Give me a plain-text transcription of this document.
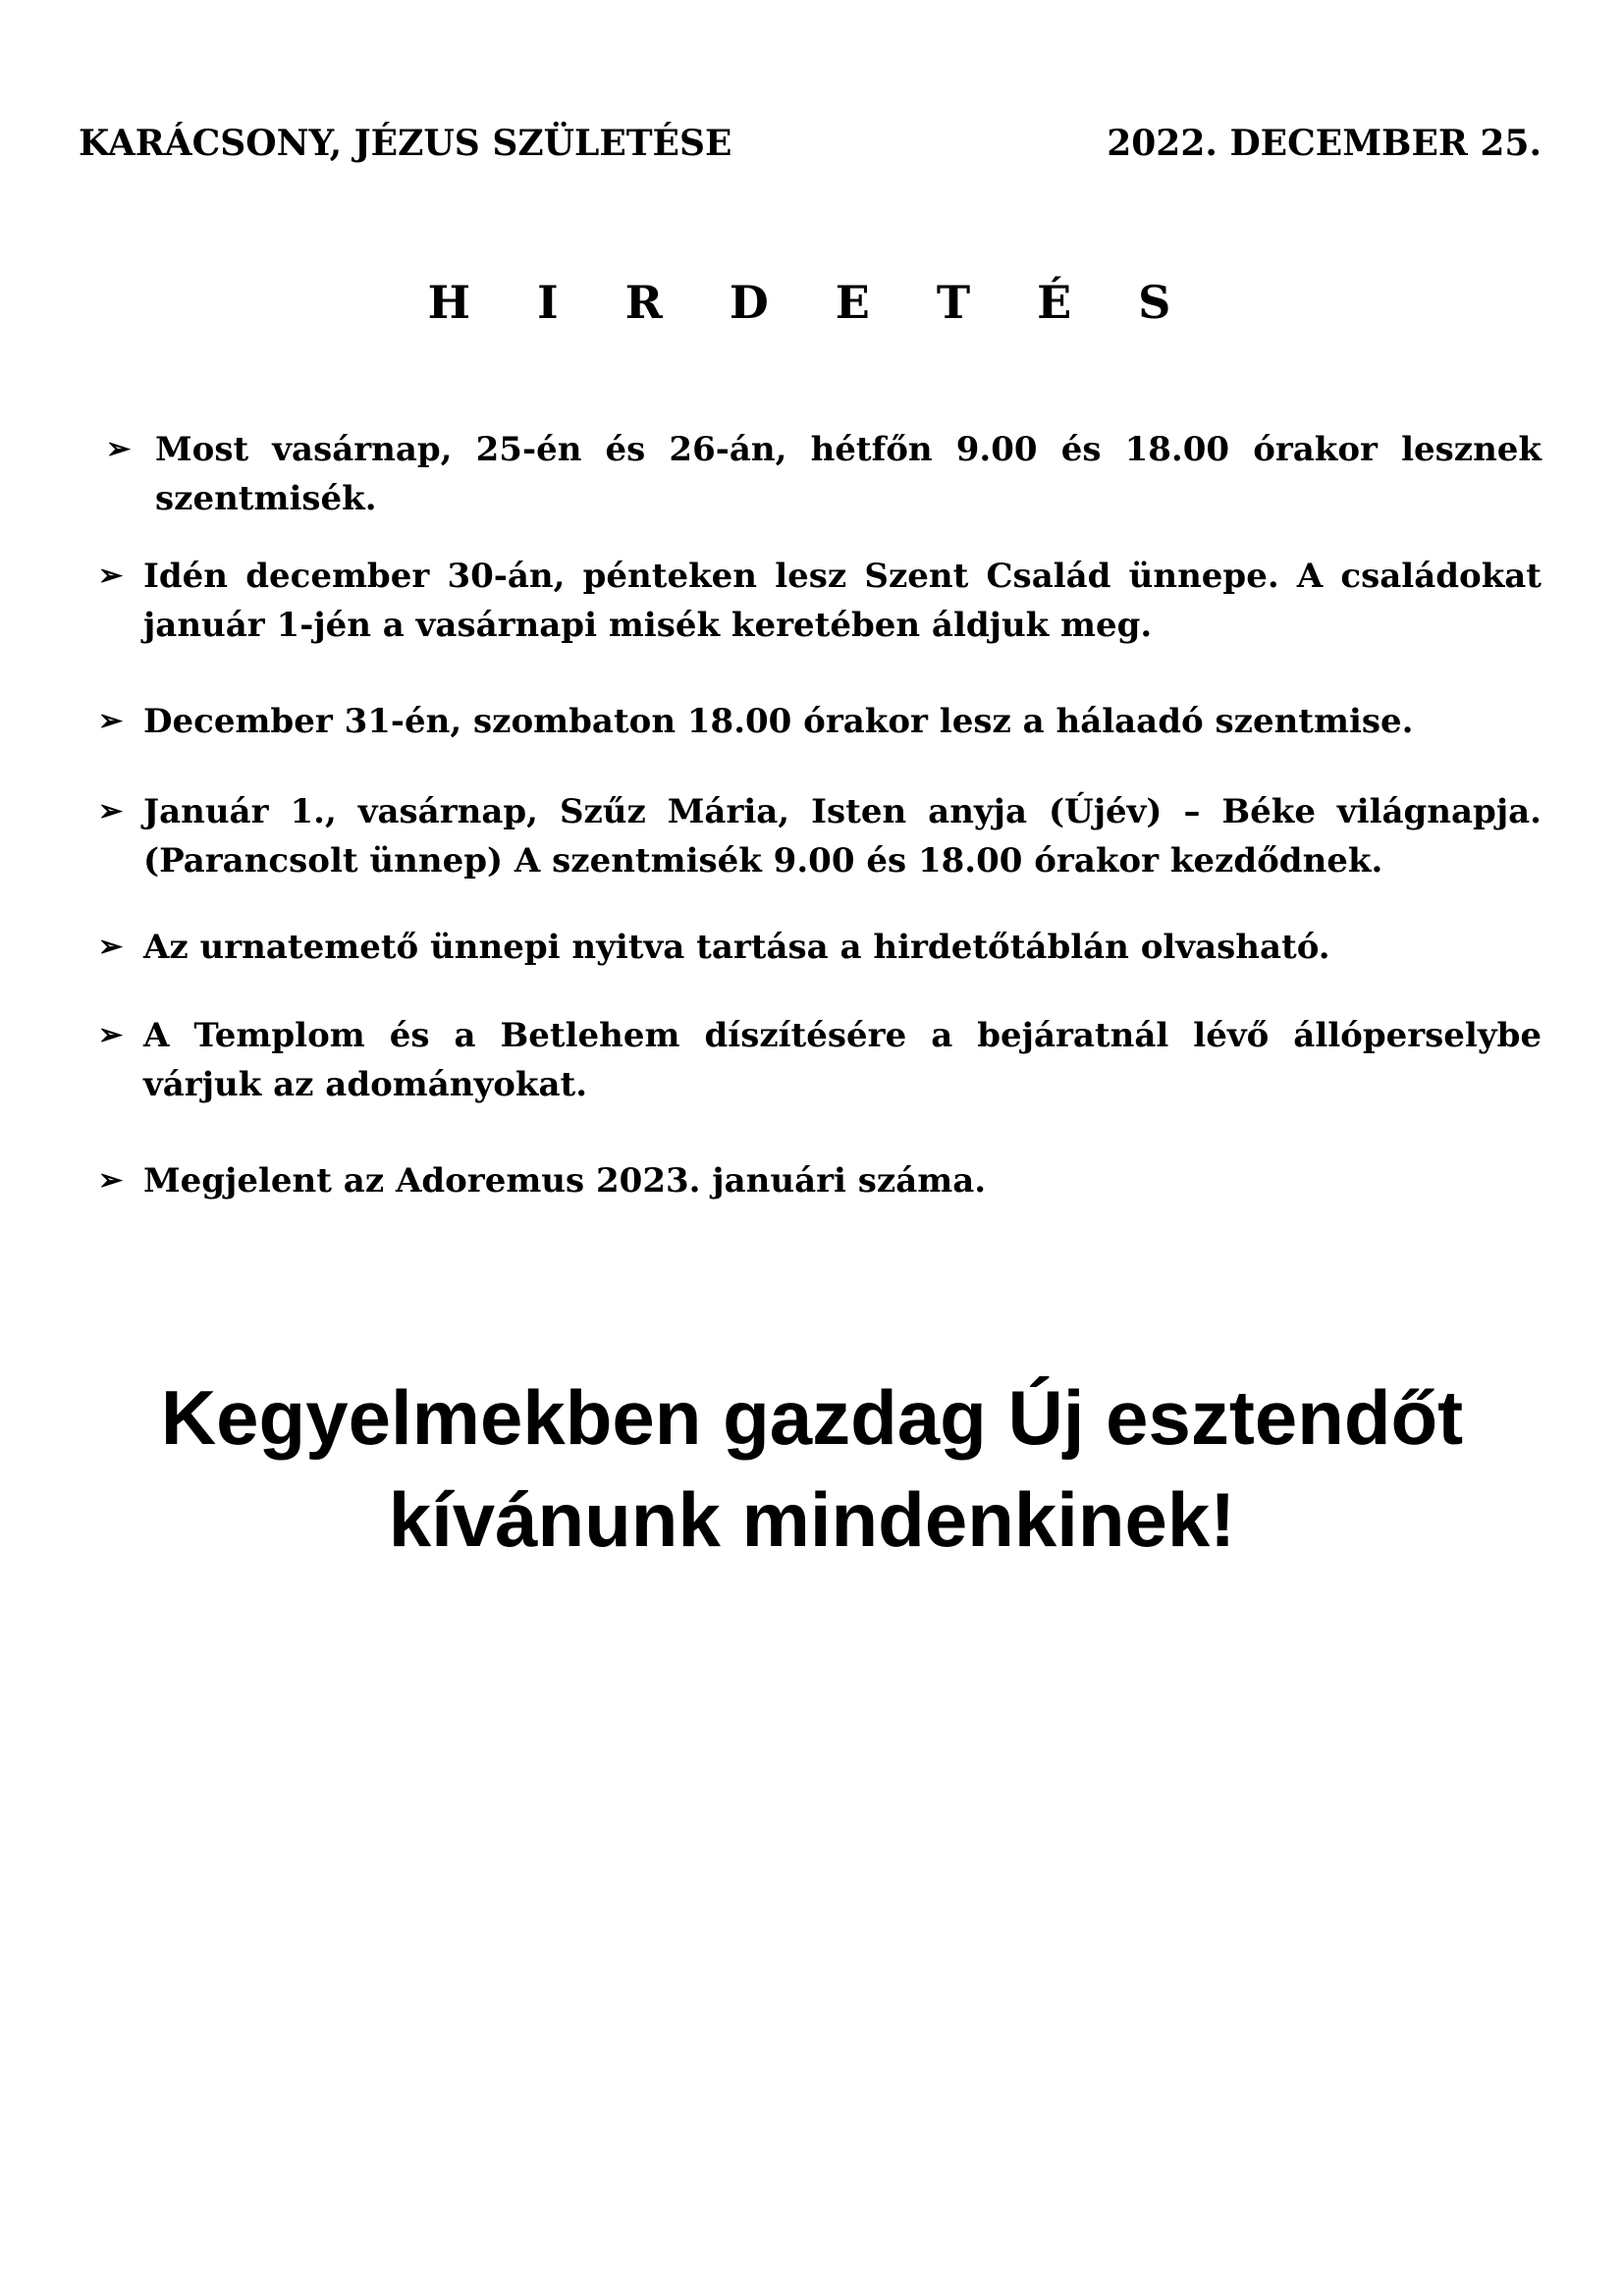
KARÁCSONY, JÉZUS SZÜLETÉSE	2022. DECEMBER 25.
H I R D E T É S
➢ Most vasárnap, 25-én és 26-án, hétfőn 9.00 és 18.00 órakor lesznek szentmisék.
➢ Idén december 30-án, pénteken lesz Szent Család ünnepe. A családokat január 1-jén a vasárnapi misék keretében áldjuk meg.
➢ December 31-én, szombaton 18.00 órakor lesz a hálaadó szentmise.
➢ Január 1., vasárnap, Szűz Mária, Isten anyja (Újév) – Béke világnapja. (Parancsolt ünnep) A szentmisék 9.00 és 18.00 órakor kezdődnek.
➢ Az urnatemető ünnepi nyitva tartása a hirdetőtáblán olvasható.
➢ A Templom és a Betlehem díszítésére a bejáratnál lévő állóperselybe várjuk az adományokat.
➢ Megjelent az Adoremus 2023. januári száma.
Kegyelmekben gazdag Új esztendőt
kívánunk mindenkinek!
